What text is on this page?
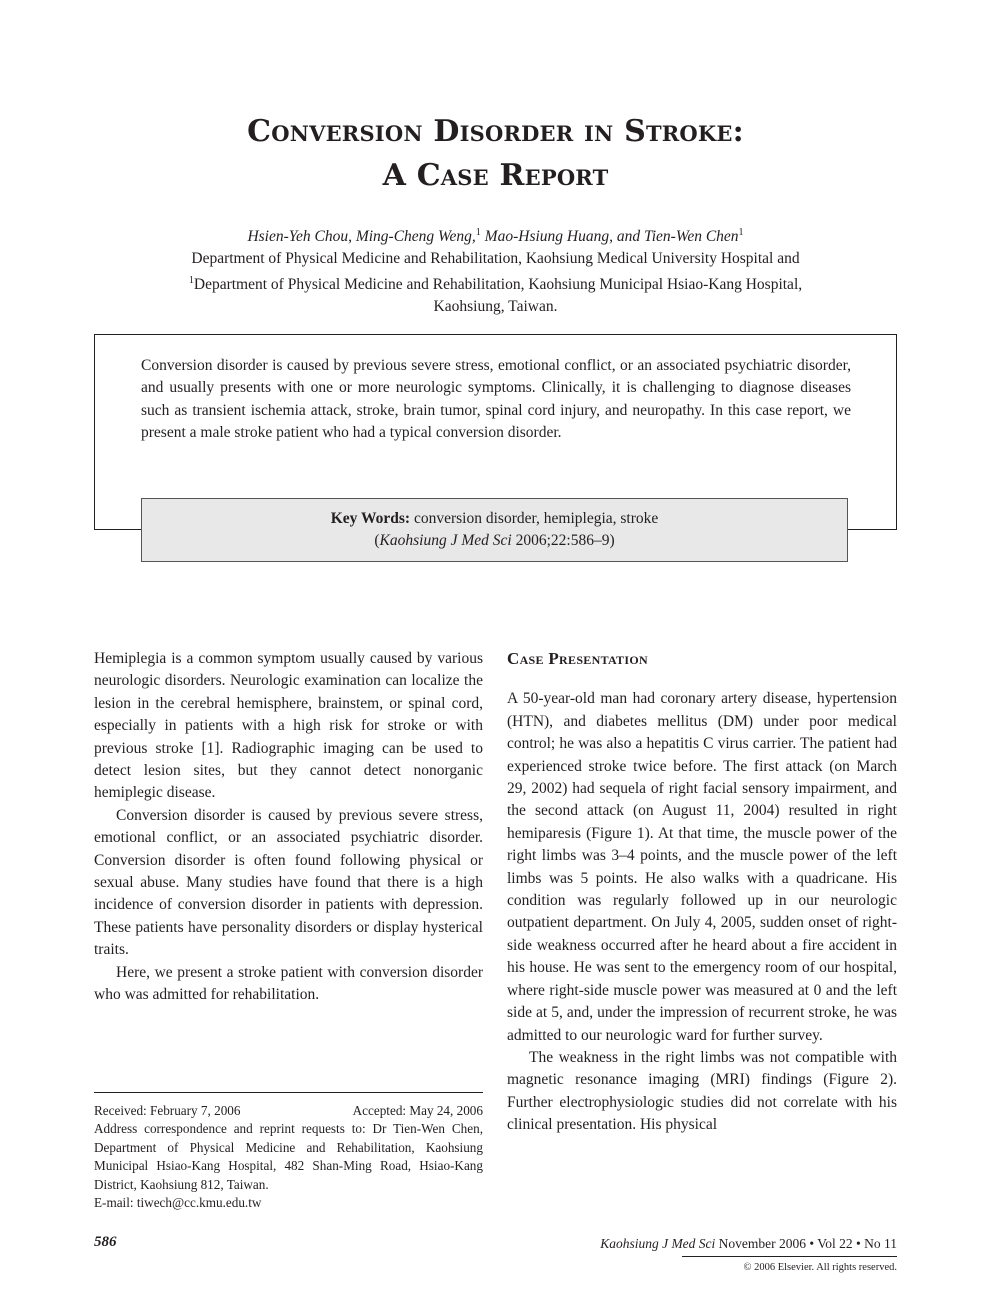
Conversion Disorder in Stroke:
A Case Report
Hsien-Yeh Chou, Ming-Cheng Weng,$^1$ Mao-Hsiung Huang, and Tien-Wen Chen$^1$
Department of Physical Medicine and Rehabilitation, Kaohsiung Medical University Hospital and
$^1$Department of Physical Medicine and Rehabilitation, Kaohsiung Municipal Hsiao-Kang Hospital,
Kaohsiung, Taiwan.
Conversion disorder is caused by previous severe stress, emotional conflict, or an associated psychiatric disorder, and usually presents with one or more neurologic symptoms. Clinically, it is challenging to diagnose diseases such as transient ischemia attack, stroke, brain tumor, spinal cord injury, and neuropathy. In this case report, we present a male stroke patient who had a typical conversion disorder.
Key Words: conversion disorder, hemiplegia, stroke
(Kaohsiung J Med Sci 2006;22:586–9)

Hemiplegia is a common symptom usually caused by various neurologic disorders. Neurologic examination can localize the lesion in the cerebral hemisphere, brainstem, or spinal cord, especially in patients with a high risk for stroke or with previous stroke [1]. Radiographic imaging can be used to detect lesion sites, but they cannot detect nonorganic hemiplegic disease.

Conversion disorder is caused by previous severe stress, emotional conflict, or an associated psychiatric disorder. Conversion disorder is often found following physical or sexual abuse. Many studies have found that there is a high incidence of conversion disorder in patients with depression. These patients have personality disorders or display hysterical traits.

Here, we present a stroke patient with conversion disorder who was admitted for rehabilitation.

Case Presentation

A 50-year-old man had coronary artery disease, hypertension (HTN), and diabetes mellitus (DM) under poor medical control; he was also a hepatitis C virus carrier. The patient had experienced stroke twice before. The first attack (on March 29, 2002) had sequela of right facial sensory impairment, and the second attack (on August 11, 2004) resulted in right hemiparesis (Figure 1). At that time, the muscle power of the right limbs was 3–4 points, and the muscle power of the left limbs was 5 points. He also walks with a quadricane. His condition was regularly followed up in our neurologic outpatient department. On July 4, 2005, sudden onset of right-side weakness occurred after he heard about a fire accident in his house. He was sent to the emergency room of our hospital, where right-side muscle power was measured at 0 and the left side at 5, and, under the impression of recurrent stroke, he was admitted to our neurologic ward for further survey.

The weakness in the right limbs was not compatible with magnetic resonance imaging (MRI) findings (Figure 2). Further electrophysiologic studies did not correlate with his clinical presentation. His physical

Received: February 7, 2006	Accepted: May 24, 2006
Address correspondence and reprint requests to: Dr Tien-Wen Chen, Department of Physical Medicine and Rehabilitation, Kaohsiung Municipal Hsiao-Kang Hospital, 482 Shan-Ming Road, Hsiao-Kang District, Kaohsiung 812, Taiwan.
E-mail: tiwech@cc.kmu.edu.tw
586	Kaohsiung J Med Sci November 2006 • Vol 22 • No 11
© 2006 Elsevier. All rights reserved.
